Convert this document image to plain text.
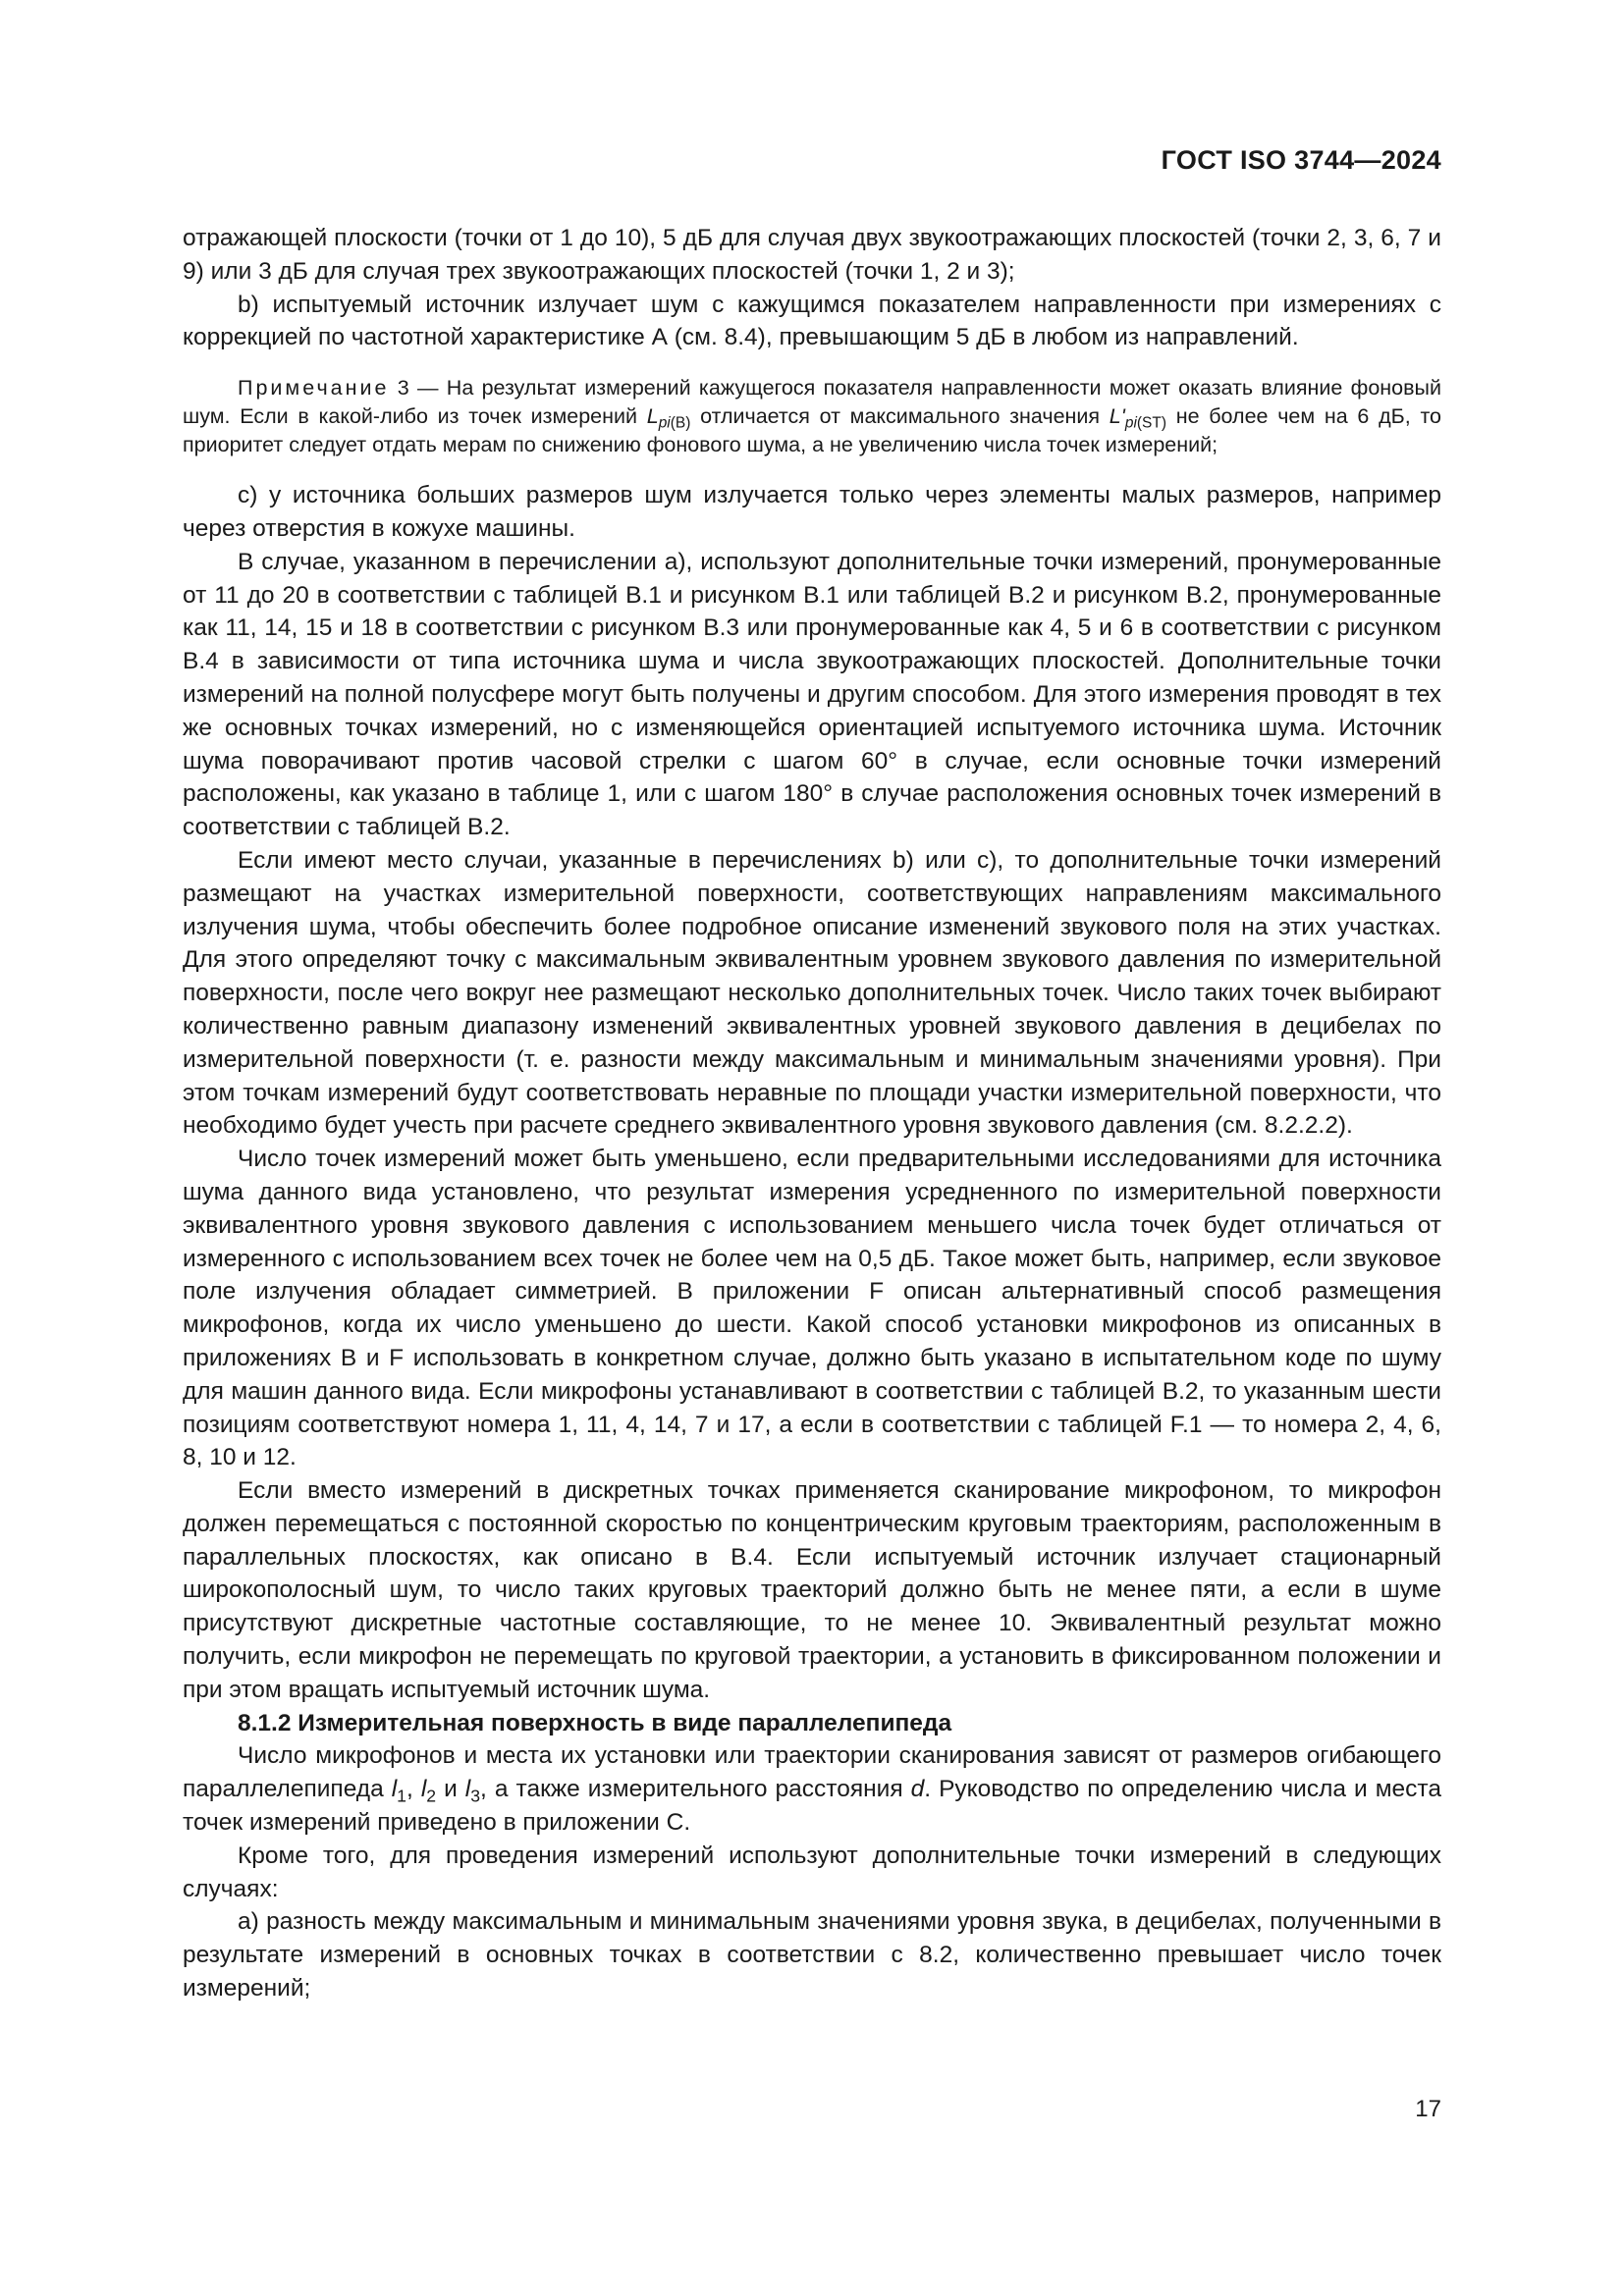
ГОСТ ISO 3744—2024

отражающей плоскости (точки от 1 до 10), 5 дБ для случая двух звукоотражающих плоскостей (точки 2, 3, 6, 7 и 9) или 3 дБ для случая трех звукоотражающих плоскостей (точки 1, 2 и 3);

b) испытуемый источник излучает шум с кажущимся показателем направленности при измерениях с коррекцией по частотной характеристике А (см. 8.4), превышающим 5 дБ в любом из направлений.

Примечание 3 — На результат измерений кажущегося показателя направленности может оказать влияние фоновый шум. Если в какой-либо из точек измерений $L_{pi(B)}$ отличается от максимального значения $L'_{pi(ST)}$ не более чем на 6 дБ, то приоритет следует отдать мерам по снижению фонового шума, а не увеличению числа точек измерений;

с) у источника больших размеров шум излучается только через элементы малых размеров, например через отверстия в кожухе машины.

В случае, указанном в перечислении а), используют дополнительные точки измерений, пронумерованные от 11 до 20 в соответствии с таблицей В.1 и рисунком В.1 или таблицей В.2 и рисунком В.2, пронумерованные как 11, 14, 15 и 18 в соответствии с рисунком В.3 или пронумерованные как 4, 5 и 6 в соответствии с рисунком В.4 в зависимости от типа источника шума и числа звукоотражающих плоскостей. Дополнительные точки измерений на полной полусфере могут быть получены и другим способом. Для этого измерения проводят в тех же основных точках измерений, но с изменяющейся ориентацией испытуемого источника шума. Источник шума поворачивают против часовой стрелки с шагом 60° в случае, если основные точки измерений расположены, как указано в таблице 1, или с шагом 180° в случае расположения основных точек измерений в соответствии с таблицей В.2.

Если имеют место случаи, указанные в перечислениях b) или с), то дополнительные точки измерений размещают на участках измерительной поверхности, соответствующих направлениям максимального излучения шума, чтобы обеспечить более подробное описание изменений звукового поля на этих участках. Для этого определяют точку с максимальным эквивалентным уровнем звукового давления по измерительной поверхности, после чего вокруг нее размещают несколько дополнительных точек. Число таких точек выбирают количественно равным диапазону изменений эквивалентных уровней звукового давления в децибелах по измерительной поверхности (т. е. разности между максимальным и минимальным значениями уровня). При этом точкам измерений будут соответствовать неравные по площади участки измерительной поверхности, что необходимо будет учесть при расчете среднего эквивалентного уровня звукового давления (см. 8.2.2.2).

Число точек измерений может быть уменьшено, если предварительными исследованиями для источника шума данного вида установлено, что результат измерения усредненного по измерительной поверхности эквивалентного уровня звукового давления с использованием меньшего числа точек будет отличаться от измеренного с использованием всех точек не более чем на 0,5 дБ. Такое может быть, например, если звуковое поле излучения обладает симметрией. В приложении F описан альтернативный способ размещения микрофонов, когда их число уменьшено до шести. Какой способ установки микрофонов из описанных в приложениях В и F использовать в конкретном случае, должно быть указано в испытательном коде по шуму для машин данного вида. Если микрофоны устанавливают в соответствии с таблицей В.2, то указанным шести позициям соответствуют номера 1, 11, 4, 14, 7 и 17, а если в соответствии с таблицей F.1 — то номера 2, 4, 6, 8, 10 и 12.

Если вместо измерений в дискретных точках применяется сканирование микрофоном, то микрофон должен перемещаться с постоянной скоростью по концентрическим круговым траекториям, расположенным в параллельных плоскостях, как описано в В.4. Если испытуемый источник излучает стационарный широкополосный шум, то число таких круговых траекторий должно быть не менее пяти, а если в шуме присутствуют дискретные частотные составляющие, то не менее 10. Эквивалентный результат можно получить, если микрофон не перемещать по круговой траектории, а установить в фиксированном положении и при этом вращать испытуемый источник шума.

8.1.2 Измерительная поверхность в виде параллелепипеда

Число микрофонов и места их установки или траектории сканирования зависят от размеров огибающего параллелепипеда $l_1$, $l_2$ и $l_3$, а также измерительного расстояния d. Руководство по определению числа и места точек измерений приведено в приложении С.

Кроме того, для проведения измерений используют дополнительные точки измерений в следующих случаях:

а) разность между максимальным и минимальным значениями уровня звука, в децибелах, полученными в результате измерений в основных точках в соответствии с 8.2, количественно превышает число точек измерений;

17
